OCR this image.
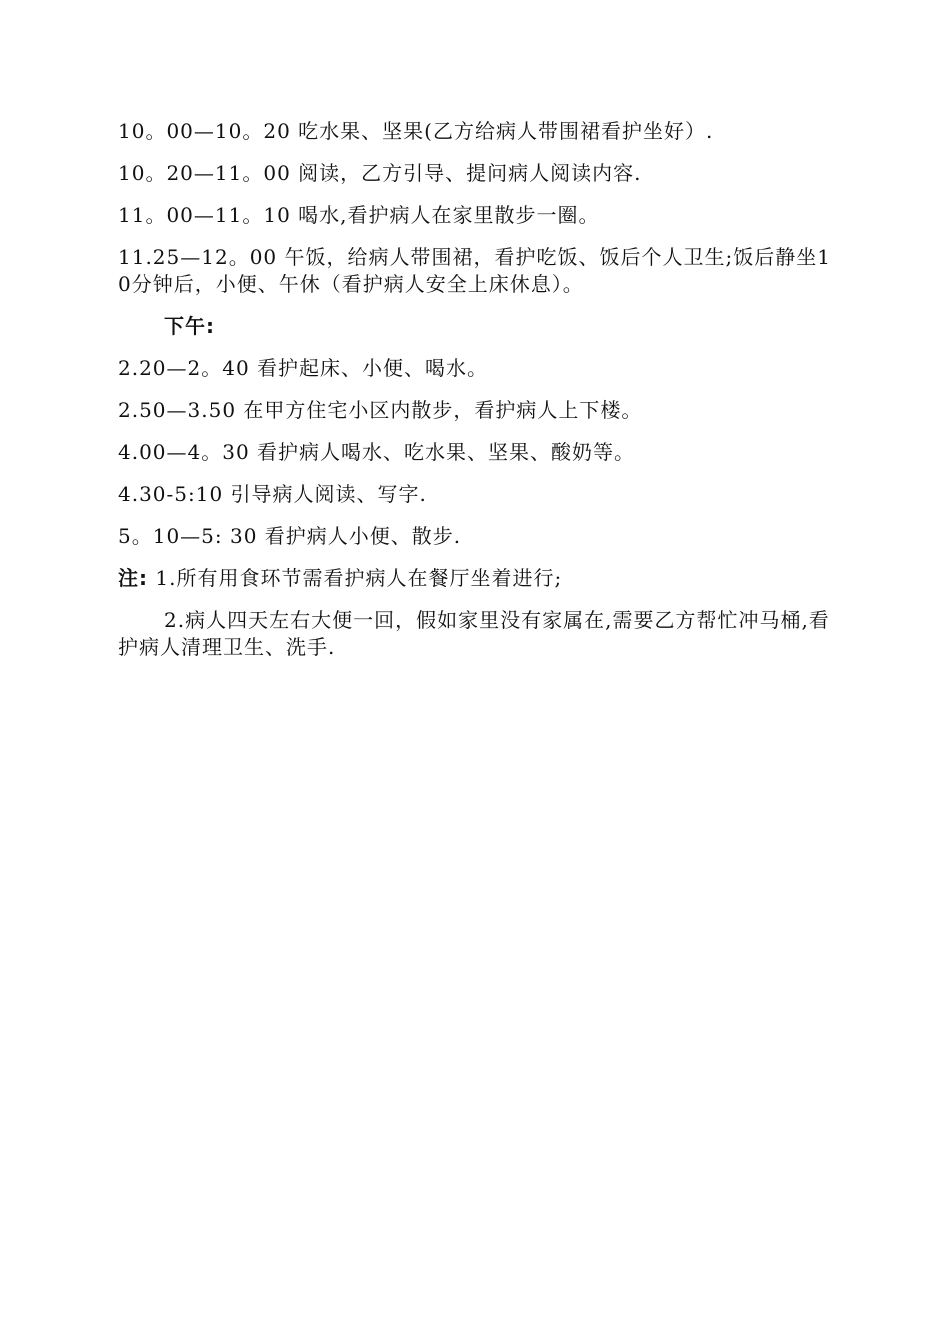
10。00—10。20 吃水果、坚果(乙方给病人带围裙看护坐好）.

10。20—11。00 阅读，乙方引导、提问病人阅读内容.

11。00—11。10 喝水,看护病人在家里散步一圈。

11.25—12。00 午饭，给病人带围裙，看护吃饭、饭后个人卫生;饭后静坐10分钟后，小便、午休（看护病人安全上床休息）。

下午:

2.20—2。40 看护起床、小便、喝水。

2.50—3.50 在甲方住宅小区内散步，看护病人上下楼。

4.00—4。30 看护病人喝水、吃水果、坚果、酸奶等。

4.30-5:10 引导病人阅读、写字.

5。10—5: 30 看护病人小便、散步.

注: 1.所有用食环节需看护病人在餐厅坐着进行;

2.病人四天左右大便一回，假如家里没有家属在,需要乙方帮忙冲马桶,看护病人清理卫生、洗手.
